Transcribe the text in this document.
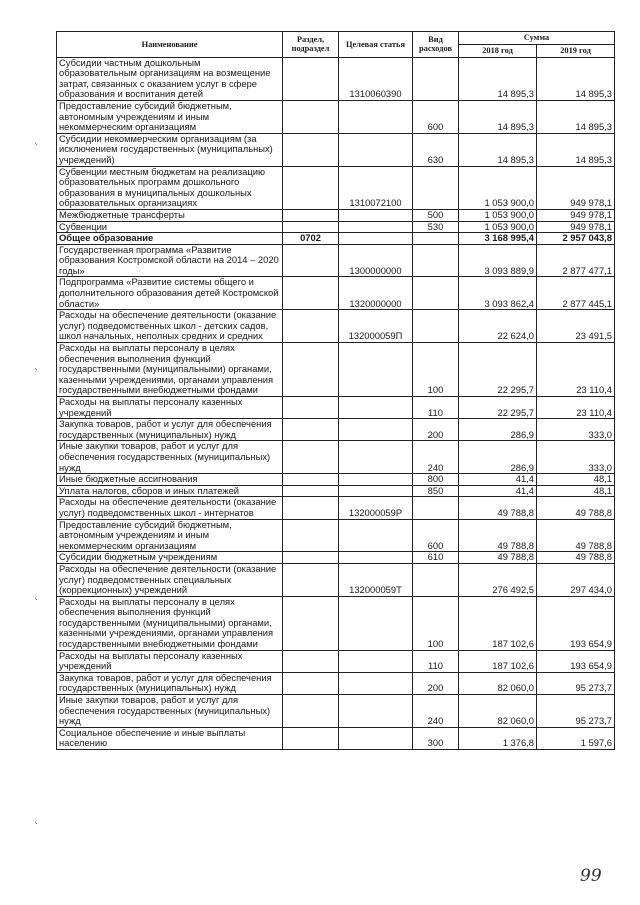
Наименование	Раздел, подраздел	Целевая статья	Вид расходов	Сумма	
				2018 год	2019 год
Субсидии частным дошкольным образовательным организациям на возмещение затрат, связанных с оказанием услуг в сфере образования и воспитания детей		1310060390		14 895,3	14 895,3
Предоставление субсидий бюджетным, автономным учреждениям и иным некоммерческим организациям			600	14 895,3	14 895,3
Субсидии некоммерческим организациям (за исключением государственных (муниципальных) учреждений)			630	14 895,3	14 895,3
Субвенции местным бюджетам на реализацию образовательных программ дошкольного образования в муниципальных дошкольных образовательных организациях		1310072100		1 053 900,0	949 978,1
Межбюджетные трансферты			500	1 053 900,0	949 978,1
Субвенции			530	1 053 900,0	949 978,1
Общее образование	0702			3 168 995,4	2 957 043,8
Государственная программа «Развитие образования Костромской области на 2014 – 2020 годы»		1300000000		3 093 889,9	2 877 477,1
Подпрограмма «Развитие системы общего и дополнительного образования детей Костромской области»		1320000000		3 093 862,4	2 877 445,1
Расходы на обеспечение деятельности (оказание услуг) подведомственных школ - детских садов, школ начальных, неполных средних и средних		132000059П		22 624,0	23 491,5
Расходы на выплаты персоналу в целях обеспечения выполнения функций государственными (муниципальными) органами, казенными учреждениями, органами управления государственными внебюджетными фондами			100	22 295,7	23 110,4
Расходы на выплаты персоналу казенных учреждений			110	22 295,7	23 110,4
Закупка товаров, работ и услуг для обеспечения государственных (муниципальных) нужд			200	286,9	333,0
Иные закупки товаров, работ и услуг для обеспечения государственных (муниципальных) нужд			240	286,9	333,0
Иные бюджетные ассигнования			800	41,4	48,1
Уплата налогов, сборов и иных платежей			850	41,4	48,1
Расходы на обеспечение деятельности (оказание услуг) подведомственных школ - интернатов		132000059Р		49 788,8	49 788,8
Предоставление субсидий бюджетным, автономным учреждениям и иным некоммерческим организациям			600	49 788,8	49 788,8
Субсидии бюджетным учреждениям			610	49 788,8	49 788,8
Расходы на обеспечение деятельности (оказание услуг) подведомственных специальных (коррекционных) учреждений		132000059Т		276 492,5	297 434,0
Расходы на выплаты персоналу в целях обеспечения выполнения функций государственными (муниципальными) органами, казенными учреждениями, органами управления государственными внебюджетными фондами			100	187 102,6	193 654,9
Расходы на выплаты персоналу казенных учреждений			110	187 102,6	193 654,9
Закупка товаров, работ и услуг для обеспечения государственных (муниципальных) нужд			200	82 060,0	95 273,7
Иные закупки товаров, работ и услуг для обеспечения государственных (муниципальных) нужд			240	82 060,0	95 273,7
Социальное обеспечение и иные выплаты населению			300	1 376,8	1 597,6
`
`
`
`
99
